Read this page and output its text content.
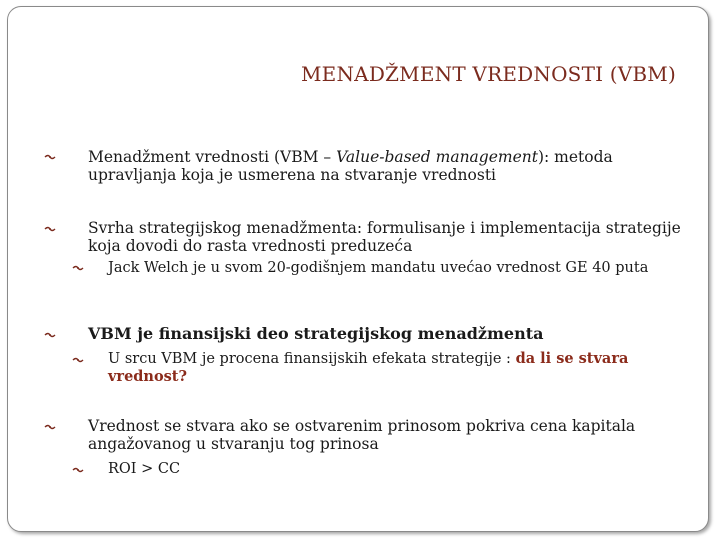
MENADŽMENT VREDNOSTI (VBM)
Menadžment vrednosti (VBM – Value-based management): metoda upravljanja koja je usmerena na stvaranje vrednosti
Svrha strategijskog menadžmenta: formulisanje i implementacija strategije koja dovodi do rasta vrednosti preduzeća
Jack Welch je u svom 20-godišnjem mandatu uvećao vrednost GE 40 puta
VBM je finansijski deo strategijskog menadžmenta
U srcu VBM je procena finansijskih efekata strategije : da li se stvara vrednost?
Vrednost se stvara ako se ostvarenim prinosom pokriva cena kapitala angažovanog u stvaranju tog prinosa
ROI > CC
